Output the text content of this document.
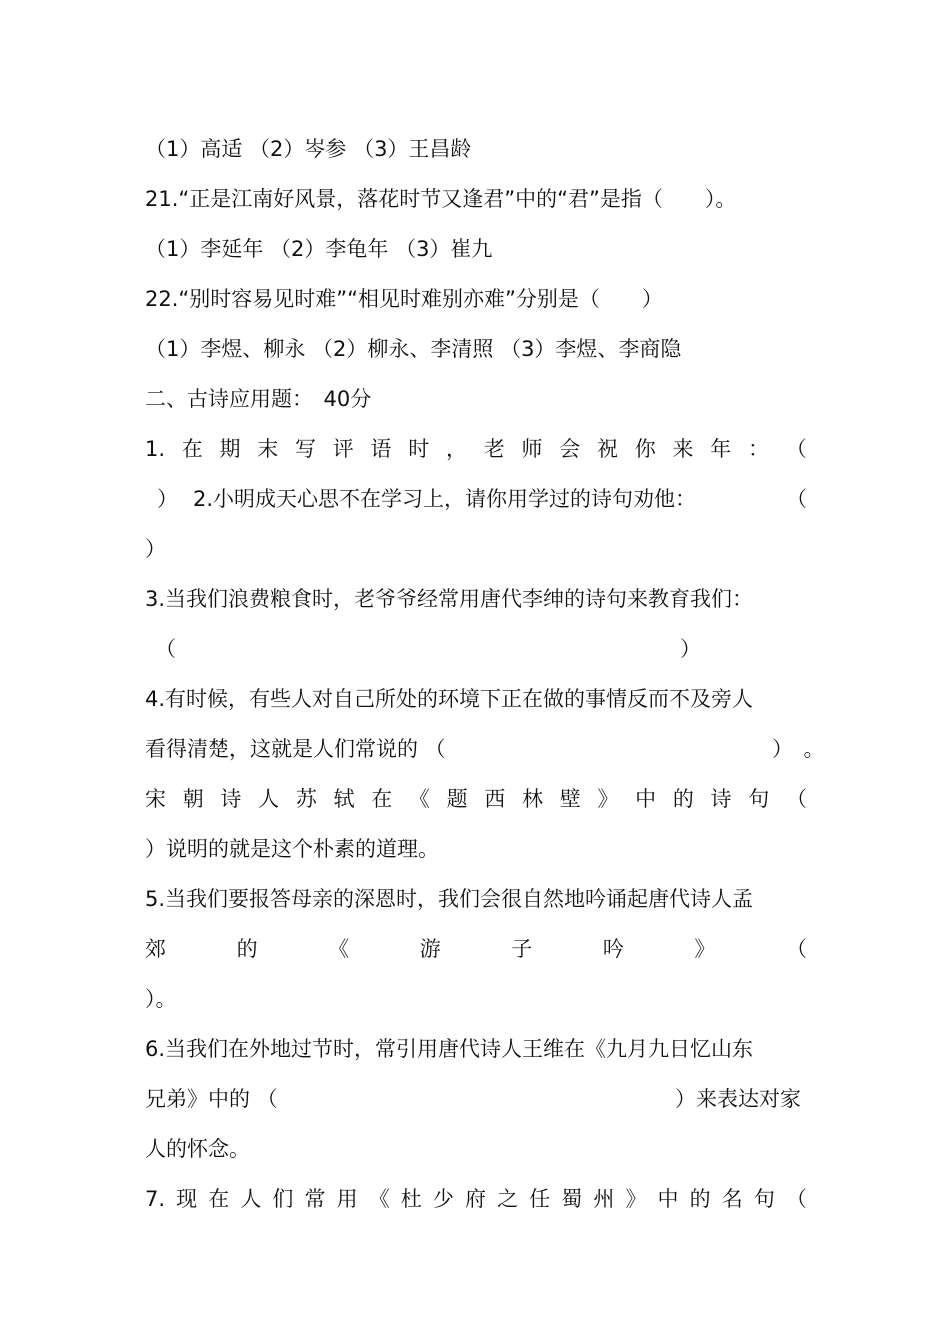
（1）高适 （2）岑参 （3）王昌龄
21.“正是江南好风景，落花时节又逢君”中的“君”是指（　　）。
（1）李延年 （2）李龟年 （3）崔九
22.“别时容易见时难”“相见时难别亦难”分别是（　　）
（1）李煜、柳永 （2）柳永、李清照 （3）李煜、李商隐
二、古诗应用题：　40分
1. 在 期 末 写 评 语 时 ， 老 师 会 祝 你 来 年 ： （
） 2.小明成天心思不在学习上，请你用学过的诗句劝他：	（
）
3.当我们浪费粮食时，老爷爷经常用唐代李绅的诗句来教育我们：
（	）
4.有时候，有些人对自己所处的环境下正在做的事情反而不及旁人
看得清楚，这就是人们常说的 （	）　。
宋 朝 诗 人 苏 轼 在 《 题 西 林 壁 》 中 的 诗 句 （
）说明的就是这个朴素的道理。
5.当我们要报答母亲的深恩时，我们会很自然地吟诵起唐代诗人孟
郊	的	《	游	子	吟	》	（
）。
6.当我们在外地过节时，常引用唐代诗人王维在《九月九日忆山东
兄弟》中的 （	）来表达对家
人的怀念。
7. 现 在 人 们 常 用 《 杜 少 府 之 任 蜀 州 》 中 的 名 句 （
